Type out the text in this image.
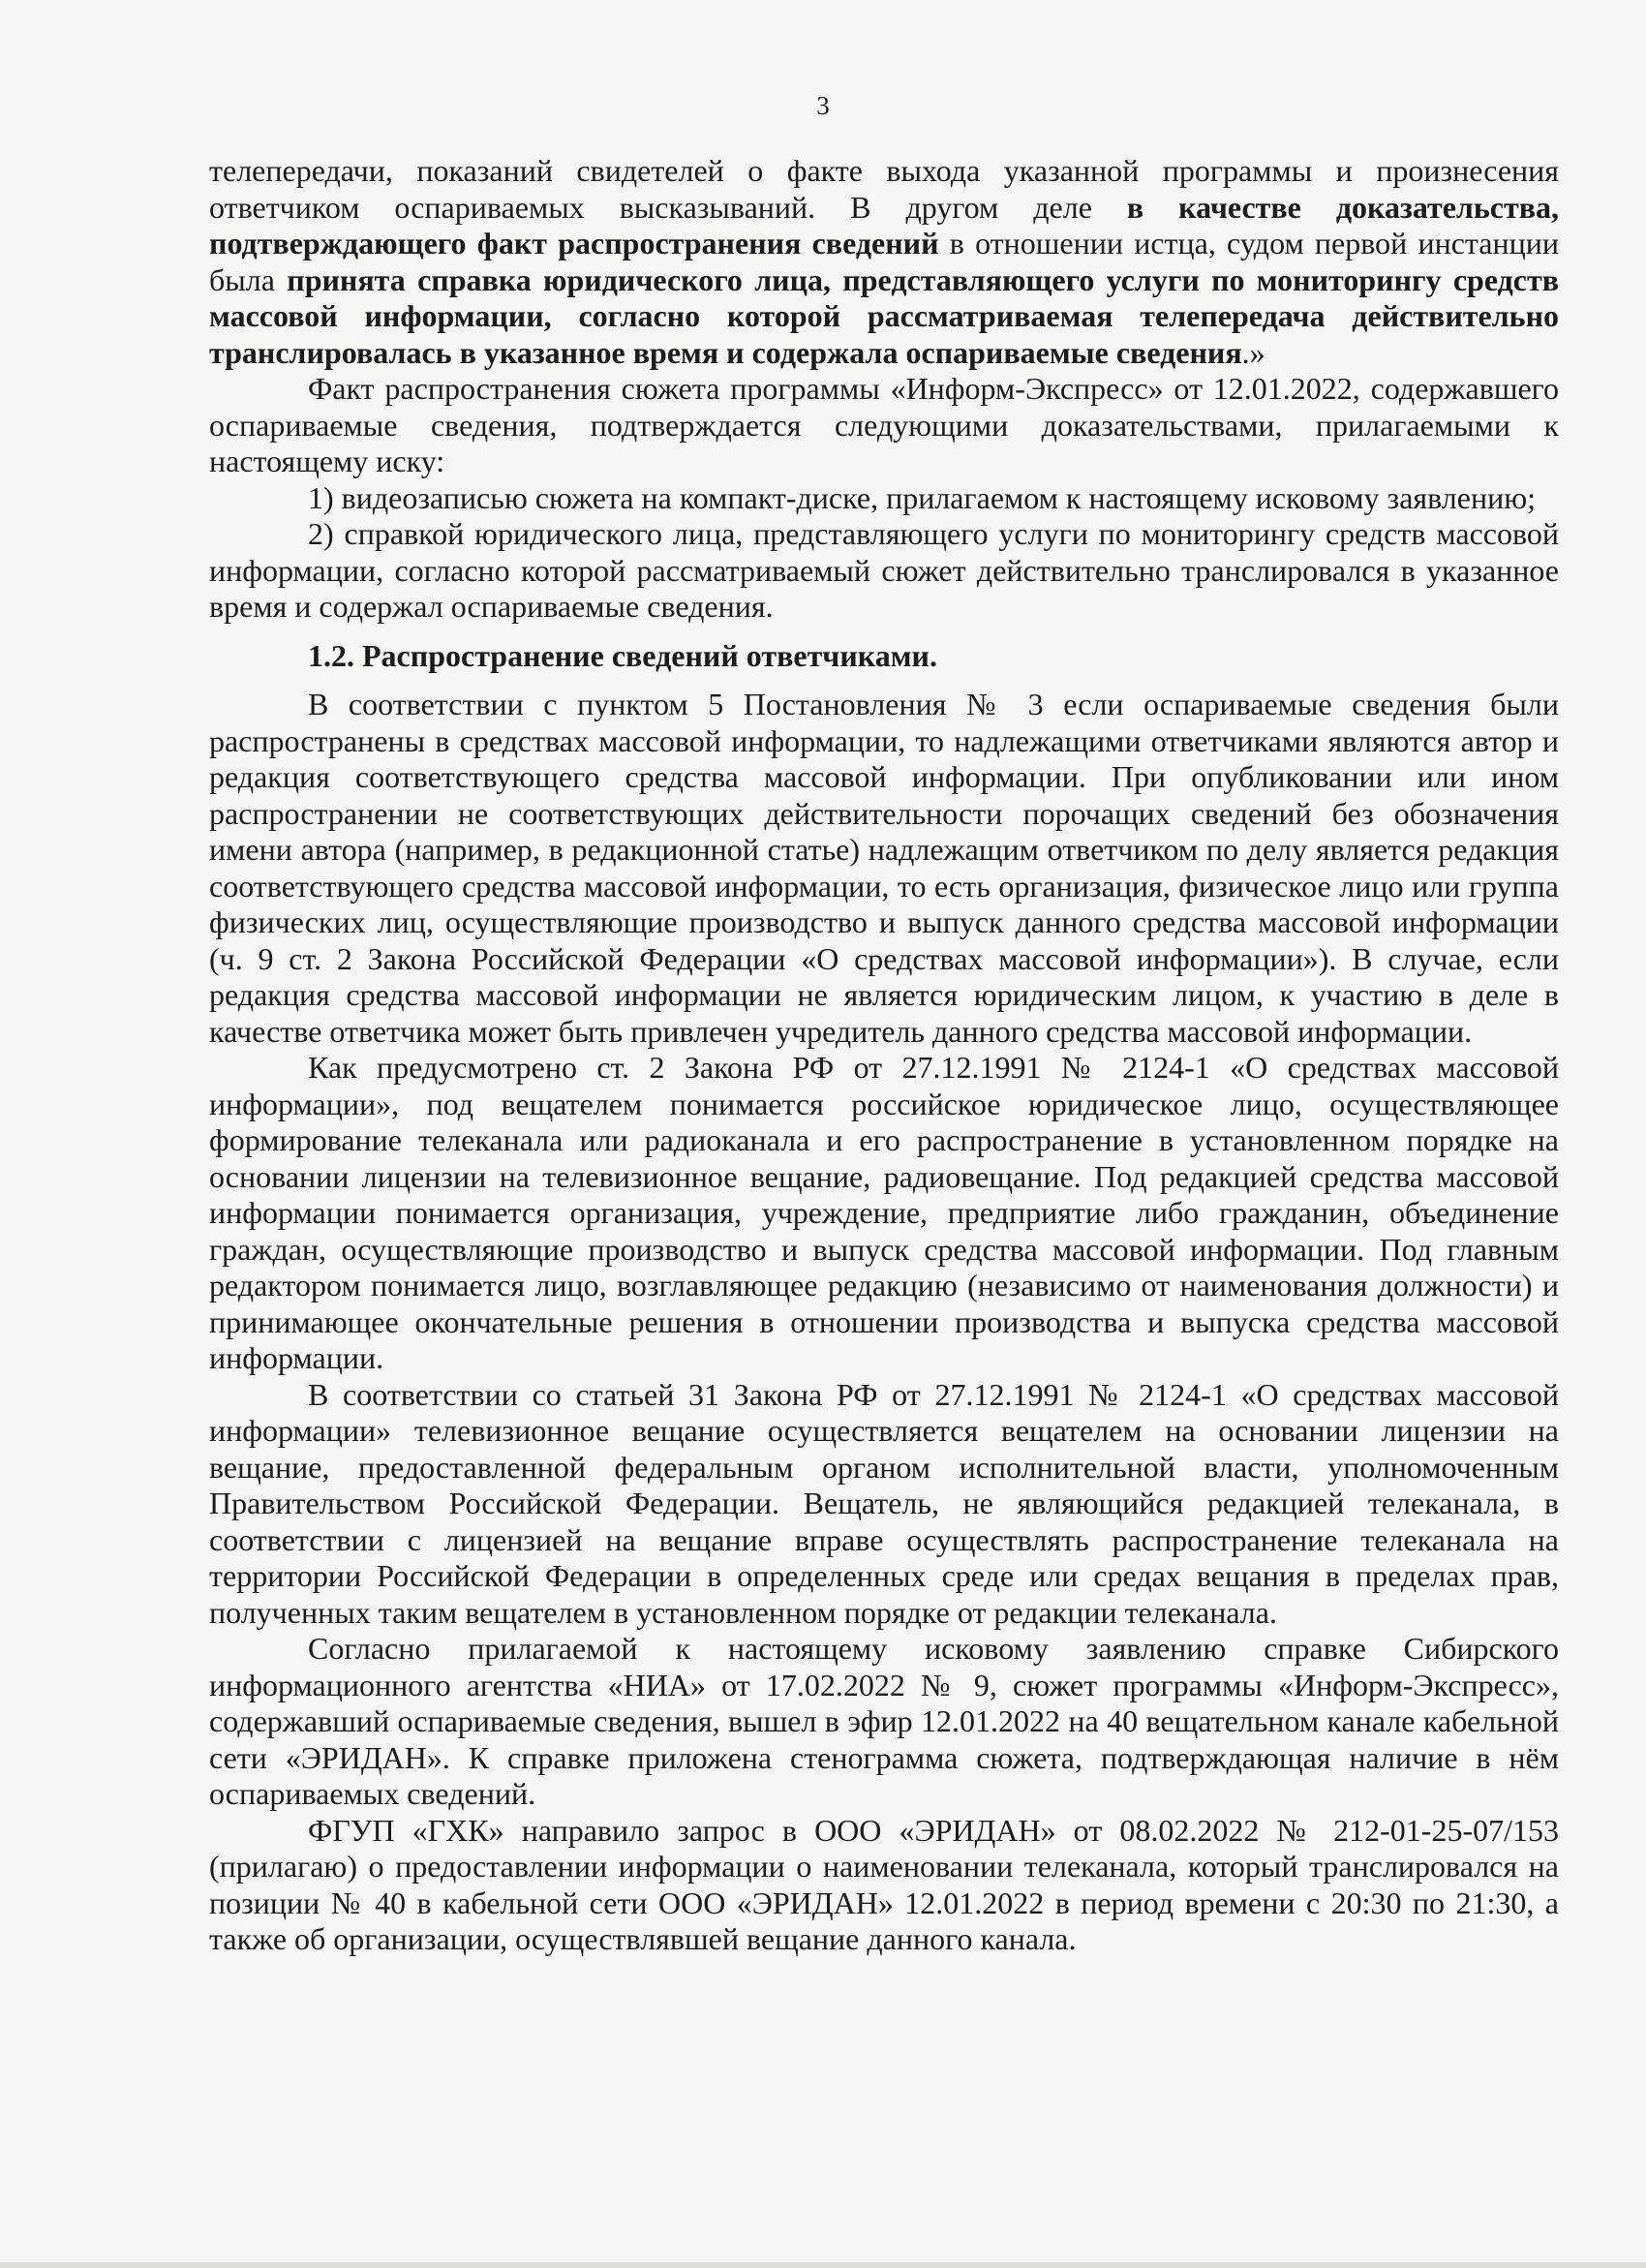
3

телепередачи, показаний свидетелей о факте выхода указанной программы и произнесения ответчиком оспариваемых высказываний. В другом деле в качестве доказательства, подтверждающего факт распространения сведений в отношении истца, судом первой инстанции была принята справка юридического лица, представляющего услуги по мониторингу средств массовой информации, согласно которой рассматриваемая телепередача действительно транслировалась в указанное время и содержала оспариваемые сведения.»

Факт распространения сюжета программы «Информ-Экспресс» от 12.01.2022, содержавшего оспариваемые сведения, подтверждается следующими доказательствами, прилагаемыми к настоящему иску:

1) видеозаписью сюжета на компакт-диске, прилагаемом к настоящему исковому заявлению;

2) справкой юридического лица, представляющего услуги по мониторингу средств массовой информации, согласно которой рассматриваемый сюжет действительно транслировался в указанное время и содержал оспариваемые сведения.

1.2. Распространение сведений ответчиками.

В соответствии с пунктом 5 Постановления № 3 если оспариваемые сведения были распространены в средствах массовой информации, то надлежащими ответчиками являются автор и редакция соответствующего средства массовой информации. При опубликовании или ином распространении не соответствующих действительности порочащих сведений без обозначения имени автора (например, в редакционной статье) надлежащим ответчиком по делу является редакция соответствующего средства массовой информации, то есть организация, физическое лицо или группа физических лиц, осуществляющие производство и выпуск данного средства массовой информации (ч. 9 ст. 2 Закона Российской Федерации «О средствах массовой информации»). В случае, если редакция средства массовой информации не является юридическим лицом, к участию в деле в качестве ответчика может быть привлечен учредитель данного средства массовой информации.

Как предусмотрено ст. 2 Закона РФ от 27.12.1991 № 2124-1 «О средствах массовой информации», под вещателем понимается российское юридическое лицо, осуществляющее формирование телеканала или радиоканала и его распространение в установленном порядке на основании лицензии на телевизионное вещание, радиовещание. Под редакцией средства массовой информации понимается организация, учреждение, предприятие либо гражданин, объединение граждан, осуществляющие производство и выпуск средства массовой информации. Под главным редактором понимается лицо, возглавляющее редакцию (независимо от наименования должности) и принимающее окончательные решения в отношении производства и выпуска средства массовой информации.

В соответствии со статьей 31 Закона РФ от 27.12.1991 № 2124-1 «О средствах массовой информации» телевизионное вещание осуществляется вещателем на основании лицензии на вещание, предоставленной федеральным органом исполнительной власти, уполномоченным Правительством Российской Федерации. Вещатель, не являющийся редакцией телеканала, в соответствии с лицензией на вещание вправе осуществлять распространение телеканала на территории Российской Федерации в определенных среде или средах вещания в пределах прав, полученных таким вещателем в установленном порядке от редакции телеканала.

Согласно прилагаемой к настоящему исковому заявлению справке Сибирского информационного агентства «НИА» от 17.02.2022 № 9, сюжет программы «Информ-Экспресс», содержавший оспариваемые сведения, вышел в эфир 12.01.2022 на 40 вещательном канале кабельной сети «ЭРИДАН». К справке приложена стенограмма сюжета, подтверждающая наличие в нём оспариваемых сведений.

ФГУП «ГХК» направило запрос в ООО «ЭРИДАН» от 08.02.2022 № 212-01-25-07/153 (прилагаю) о предоставлении информации о наименовании телеканала, который транслировался на позиции № 40 в кабельной сети ООО «ЭРИДАН» 12.01.2022 в период времени с 20:30 по 21:30, а также об организации, осуществлявшей вещание данного канала.
